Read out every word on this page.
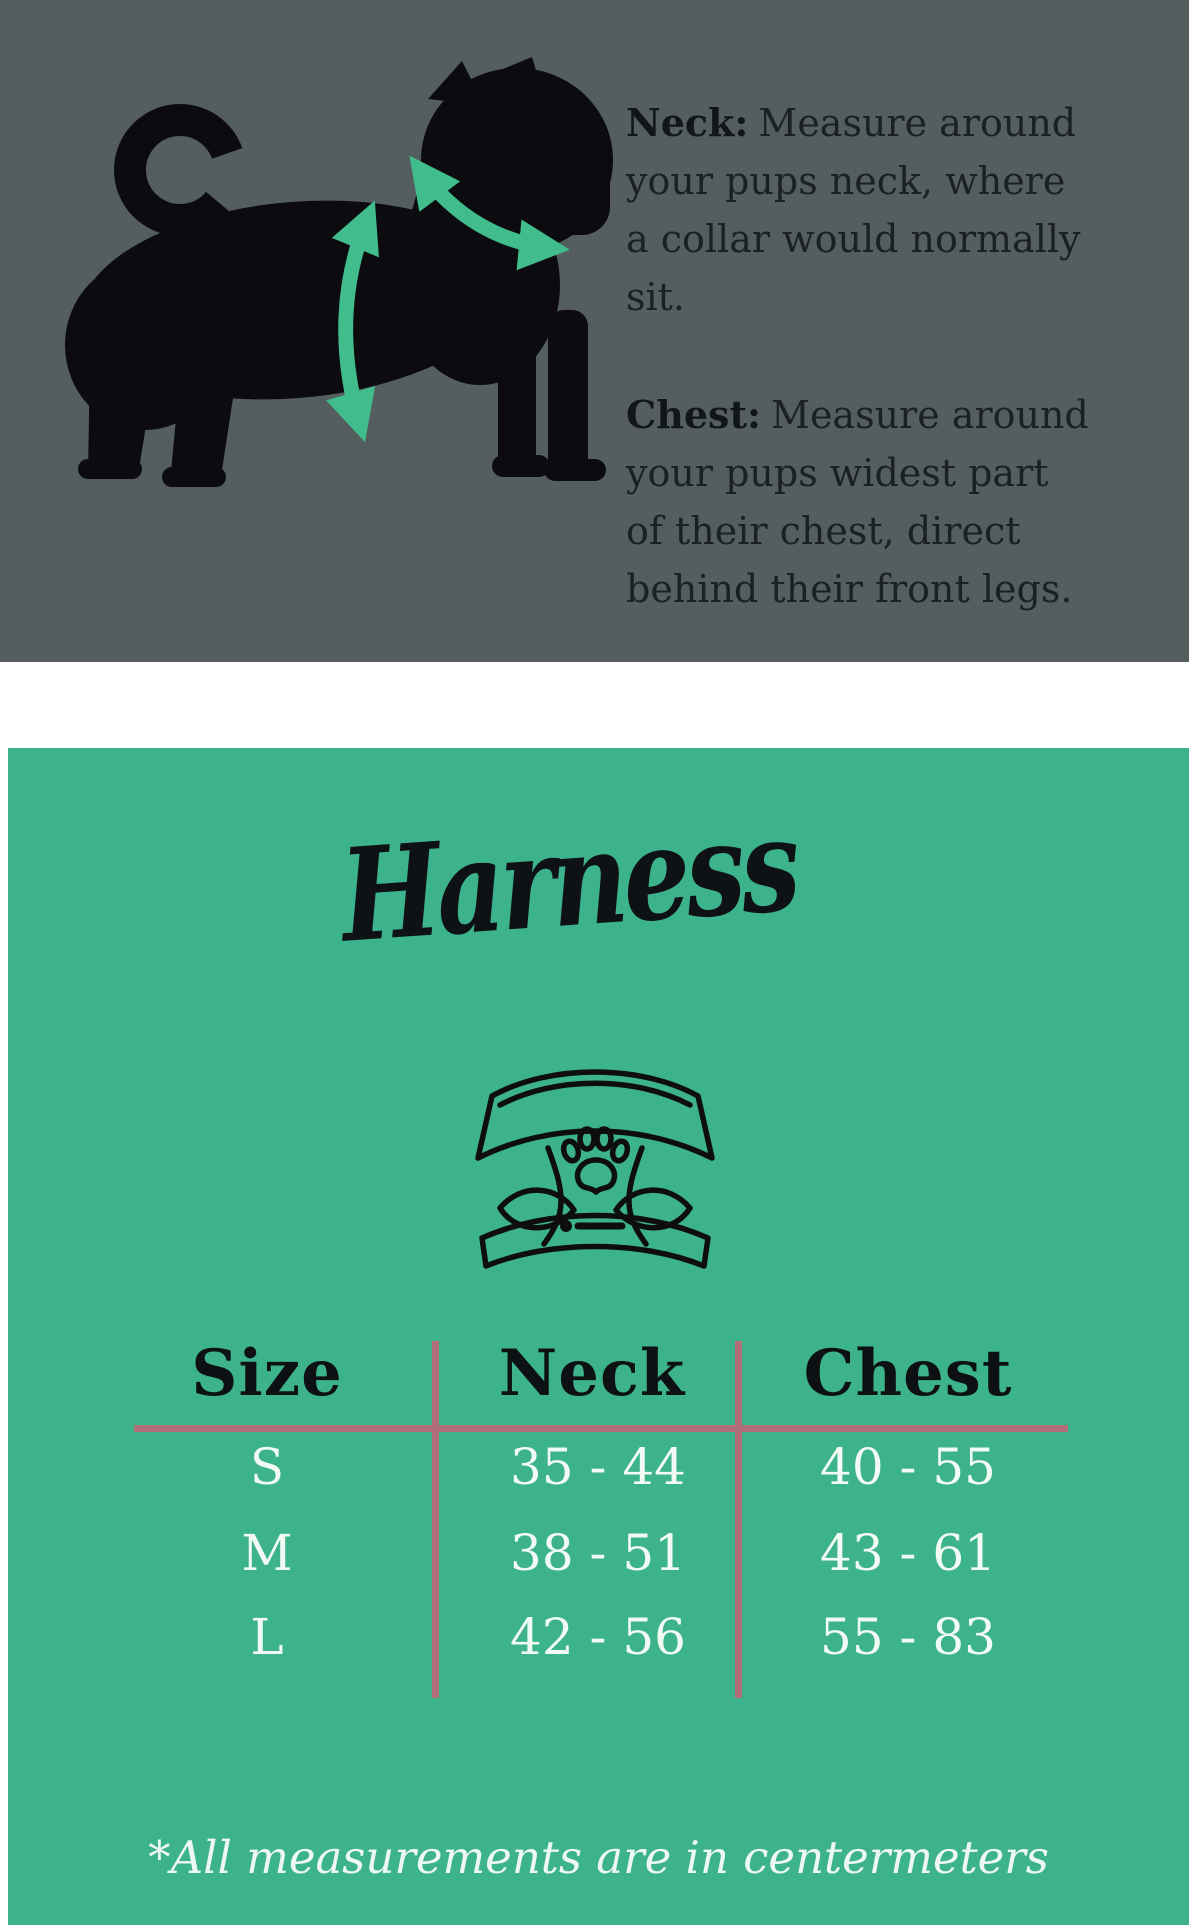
Neck: Measure around your pups neck, where a collar would normally sit.

Chest: Measure around your pups widest part of their chest, direct behind their front legs.

Harness
Size Neck Chest
S	35 - 44	40 - 55
M	38 - 51	43 - 61
L	42 - 56	55 - 83
*All measurements are in centermeters
